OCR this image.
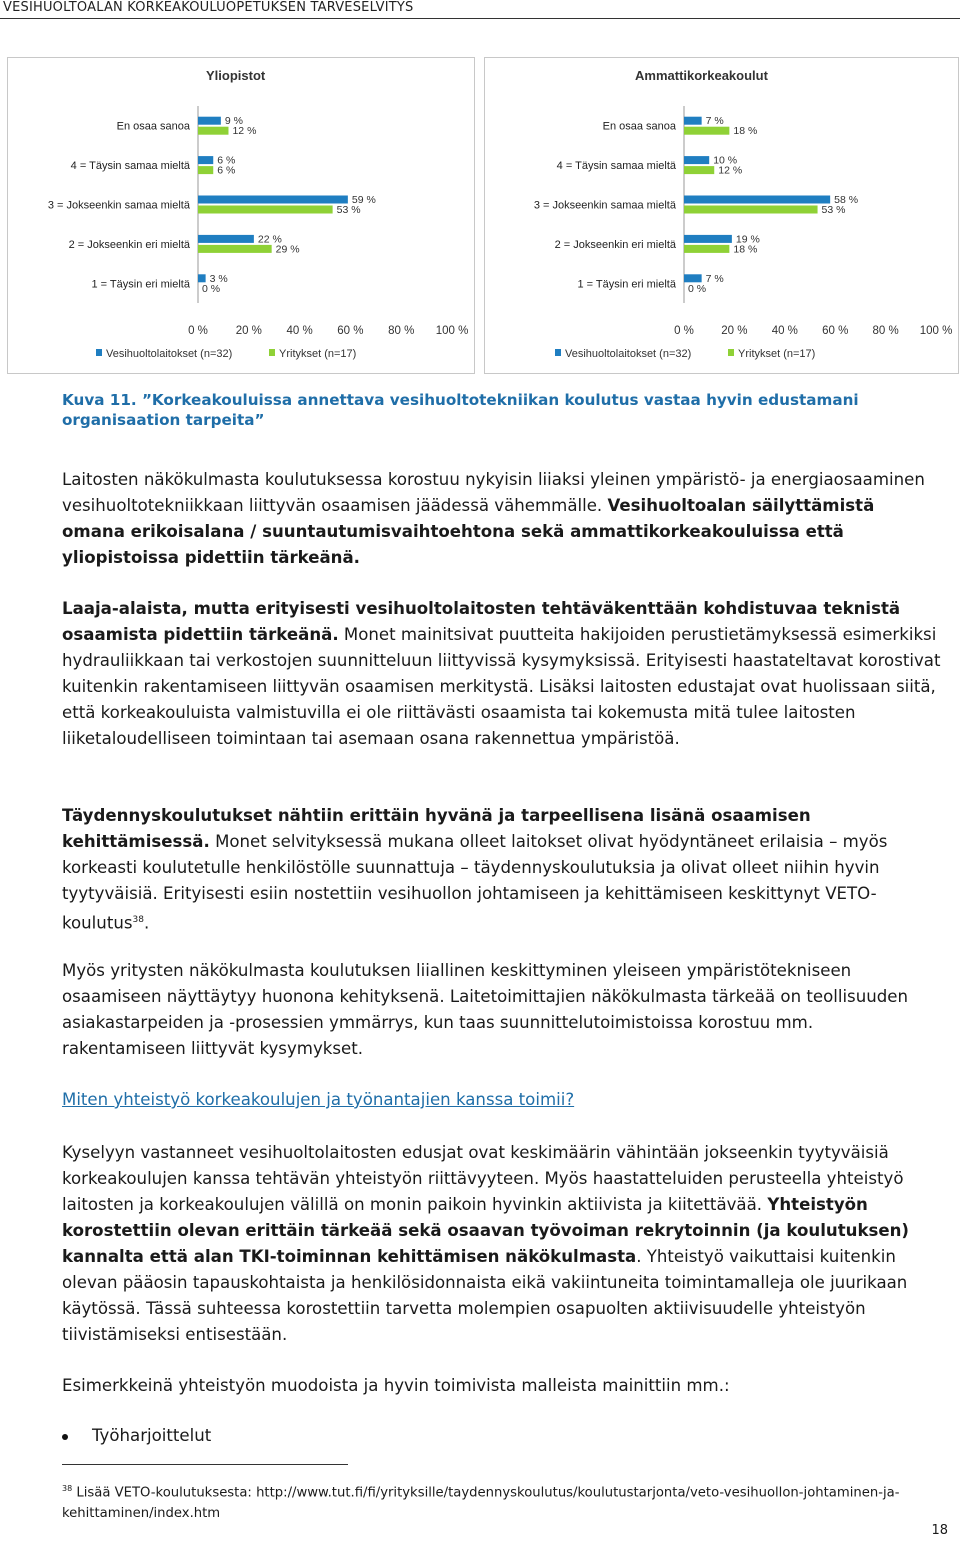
VESIHUOLTOALAN KORKEAKOULUOPETUKSEN TARVESELVITYS
Yliopistot
0 % 20 % 40 % 60 % 80 % 100 %
En osaa sanoa	9 %
12 %
4 = Täysin samaa mieltä	6 %
6 %
3 = Jokseenkin samaa mieltä	59 %
53 %
2 = Jokseenkin eri mieltä	22 %
29 %
1 = Täysin eri mieltä 3 %
0 %
Vesihuoltolaitokset (n=32)	Yritykset (n=17)
Ammattikorkeakoulut
0 % 20 % 40 % 60 % 80 % 100 %
En osaa sanoa	7 %
18 %
4 = Täysin samaa mieltä	10 %
12 %
3 = Jokseenkin samaa mieltä	58 %
53 %
2 = Jokseenkin eri mieltä	19 %
18 %
1 = Täysin eri mieltä	7 %
0 %
Vesihuoltolaitokset (n=32)	Yritykset (n=17)
Kuva 11. ”Korkeakouluissa annettava vesihuoltotekniikan koulutus vastaa hyvin edustamani organisaation tarpeita”
Laitosten näkökulmasta koulutuksessa korostuu nykyisin liiaksi yleinen ympäristö- ja energiaosaaminen vesihuoltotekniikkaan liittyvän osaamisen jäädessä vähemmälle. Vesihuoltoalan säilyttämistä omana erikoisalana / suuntautumisvaihtoehtona sekä ammattikorkeakouluissa että yliopistoissa pidettiin tärkeänä.
Laaja-alaista, mutta erityisesti vesihuoltolaitosten tehtäväkenttään kohdistuvaa teknistä osaamista pidettiin tärkeänä. Monet mainitsivat puutteita hakijoiden perustietämyksessä esimerkiksi hydrauliikkaan tai verkostojen suunnitteluun liittyvissä kysymyksissä. Erityisesti haastateltavat korostivat kuitenkin rakentamiseen liittyvän osaamisen merkitystä. Lisäksi laitosten edustajat ovat huolissaan siitä, että korkeakouluista valmistuvilla ei ole riittävästi osaamista tai kokemusta mitä tulee laitosten liiketaloudelliseen toimintaan tai asemaan osana rakennettua ympäristöä.
Täydennyskoulutukset nähtiin erittäin hyvänä ja tarpeellisena lisänä osaamisen kehittämisessä. Monet selvityksessä mukana olleet laitokset olivat hyödyntäneet erilaisia – myös korkeasti koulutetulle henkilöstölle suunnattuja – täydennyskoulutuksia ja olivat olleet niihin hyvin tyytyväisiä. Erityisesti esiin nostettiin vesihuollon johtamiseen ja kehittämiseen keskittynyt VETO-koulutus$^{38}$.
Myös yritysten näkökulmasta koulutuksen liiallinen keskittyminen yleiseen ympäristötekniseen osaamiseen näyttäytyy huonona kehityksenä. Laitetoimittajien näkökulmasta tärkeää on teollisuuden asiakastarpeiden ja -prosessien ymmärrys, kun taas suunnittelutoimistoissa korostuu mm. rakentamiseen liittyvät kysymykset.
Miten yhteistyö korkeakoulujen ja työnantajien kanssa toimii?
Kyselyyn vastanneet vesihuoltolaitosten edusjat ovat keskimäärin vähintään jokseenkin tyytyväisiä korkeakoulujen kanssa tehtävän yhteistyön riittävyyteen. Myös haastatteluiden perusteella yhteistyö laitosten ja korkeakoulujen välillä on monin paikoin hyvinkin aktiivista ja kiitettävää. Yhteistyön korostettiin olevan erittäin tärkeää sekä osaavan työvoiman rekrytoinnin (ja koulutuksen) kannalta että alan TKI-toiminnan kehittämisen näkökulmasta. Yhteistyö vaikuttaisi kuitenkin olevan pääosin tapauskohtaista ja henkilösidonnaista eikä vakiintuneita toimintamalleja ole juurikaan käytössä. Tässä suhteessa korostettiin tarvetta molempien osapuolten aktiivisuudelle yhteistyön tiivistämiseksi entisestään.
Esimerkkeinä yhteistyön muodoista ja hyvin toimivista malleista mainittiin mm.:
Työharjoittelut
$^{38}$ Lisää VETO-koulutuksesta: http://www.tut.fi/fi/yrityksille/taydennyskoulutus/koulutustarjonta/veto-vesihuollon-johtaminen-ja-kehittaminen/index.htm
18
